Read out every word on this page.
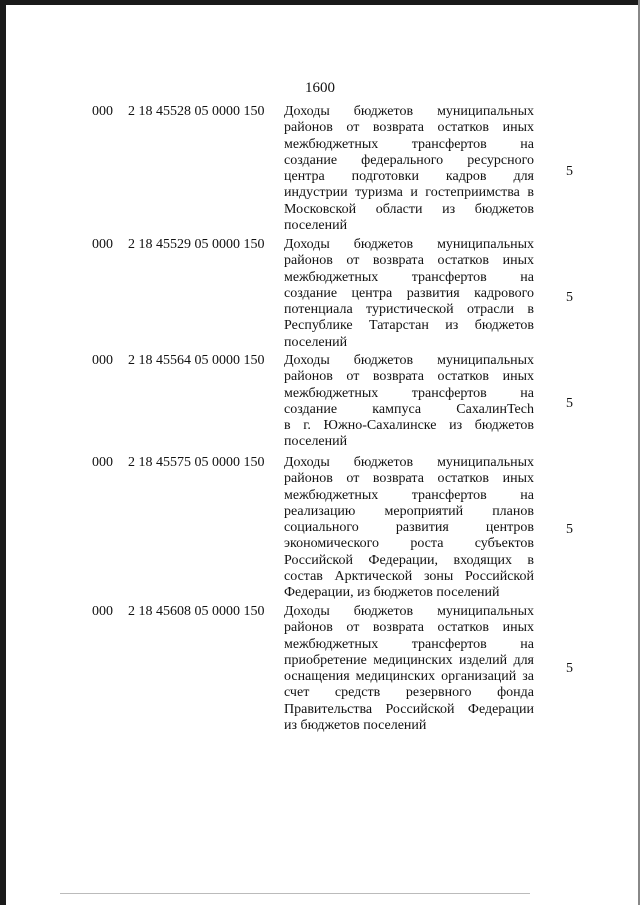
1600
000 2 18 45528 05 0000 150 Доходы бюджетов муниципальных
районов от возврата остатков иных
межбюджетных трансфертов на
создание федерального ресурсного
центра подготовки кадров для
индустрии туризма и гостеприимства в
Московской области из бюджетов
поселений
5
000 2 18 45529 05 0000 150 Доходы бюджетов муниципальных
районов от возврата остатков иных
межбюджетных трансфертов на
создание центра развития кадрового
потенциала туристической отрасли в
Республике Татарстан из бюджетов
поселений
5
000 2 18 45564 05 0000 150 Доходы бюджетов муниципальных
районов от возврата остатков иных
межбюджетных трансфертов на
создание кампуса СахалинTech
в г. Южно-Сахалинске из бюджетов
поселений
5
000 2 18 45575 05 0000 150 Доходы бюджетов муниципальных
районов от возврата остатков иных
межбюджетных трансфертов на
реализацию мероприятий планов
социального развития центров
экономического роста субъектов
Российской Федерации, входящих в
состав Арктической зоны Российской
Федерации, из бюджетов поселений
5
000 2 18 45608 05 0000 150 Доходы бюджетов муниципальных
районов от возврата остатков иных
межбюджетных трансфертов на
приобретение медицинских изделий для
оснащения медицинских организаций за
счет средств резервного фонда
Правительства Российской Федерации
из бюджетов поселений
5
